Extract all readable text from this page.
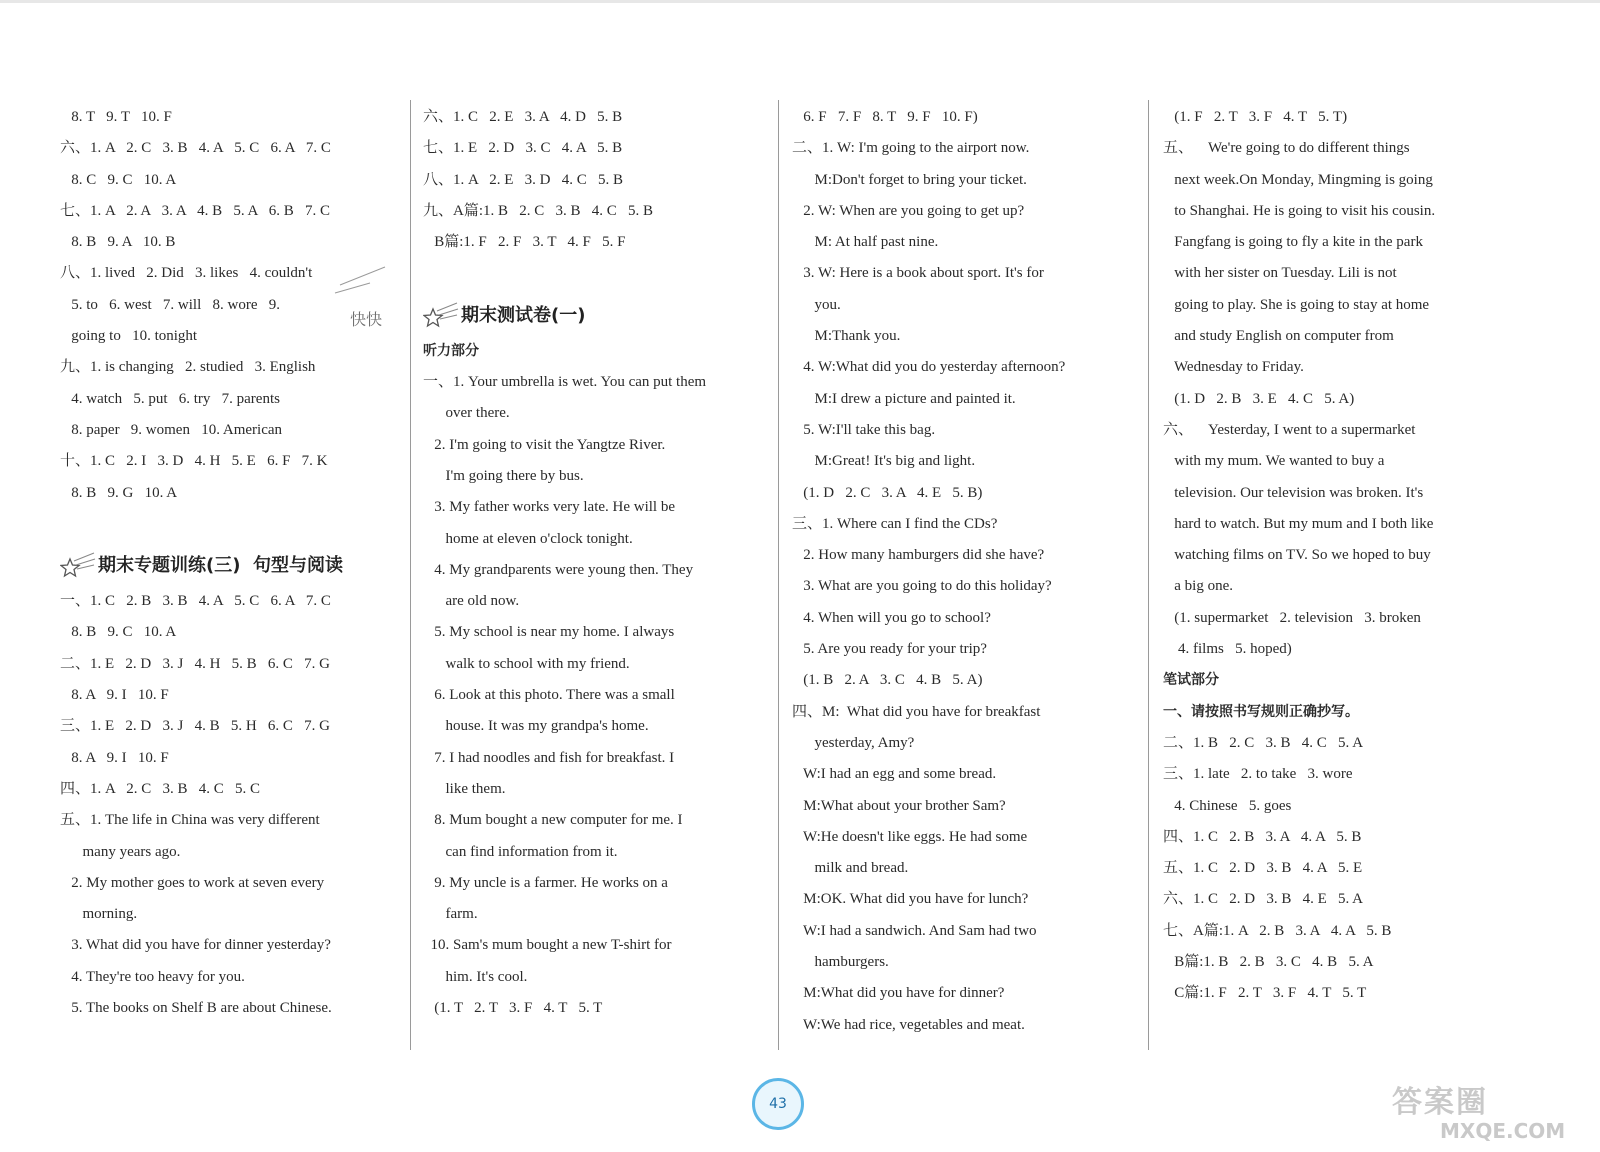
8. T   9. T   10. F
六、1. A   2. C   3. B   4. A   5. C   6. A   7. C
8. C   9. C   10. A
七、1. A   2. A   3. A   4. B   5. A   6. B   7. C
8. B   9. A   10. B
八、1. lived   2. Did   3. likes   4. couldn't
5. to   6. west   7. will   8. wore   9.
going to   10. tonight
九、1. is changing   2. studied   3. English
4. watch   5. put   6. try   7. parents
8. paper   9. women   10. American
十、1. C   2. I   3. D   4. H   5. E   6. F   7. K
8. B   9. G   10. A

期末专题训练(三)  句型与阅读
一、1. C   2. B   3. B   4. A   5. C   6. A   7. C
8. B   9. C   10. A
二、1. E   2. D   3. J   4. H   5. B   6. C   7. G
8. A   9. I   10. F
三、1. E   2. D   3. J   4. B   5. H   6. C   7. G
8. A   9. I   10. F
四、1. A   2. C   3. B   4. C   5. C
五、1. The life in China was very different
many years ago.
2. My mother goes to work at seven every
morning.
3. What did you have for dinner yesterday?
4. They're too heavy for you.
5. The books on Shelf B are about Chinese.
六、1. C   2. E   3. A   4. D   5. B
七、1. E   2. D   3. C   4. A   5. B
八、1. A   2. E   3. D   4. C   5. B
九、A篇:1. B   2. C   3. B   4. C   5. B
B篇:1. F   2. F   3. T   4. F   5. F

期末测试卷(一)
听力部分
一、1. Your umbrella is wet. You can put them
over there.
2. I'm going to visit the Yangtze River.
I'm going there by bus.
3. My father works very late. He will be
home at eleven o'clock tonight.
4. My grandparents were young then. They
are old now.
5. My school is near my home. I always
walk to school with my friend.
6. Look at this photo. There was a small
house. It was my grandpa's home.
7. I had noodles and fish for breakfast. I
like them.
8. Mum bought a new computer for me. I
can find information from it.
9. My uncle is a farmer. He works on a
farm.
10. Sam's mum bought a new T-shirt for
him. It's cool.
(1. T   2. T   3. F   4. T   5. T
6. F   7. F   8. T   9. F   10. F)
二、1. W: I'm going to the airport now.
M:Don't forget to bring your ticket.
2. W: When are you going to get up?
M: At half past nine.
3. W: Here is a book about sport. It's for
you.
M:Thank you.
4. W:What did you do yesterday afternoon?
M:I drew a picture and painted it.
5. W:I'll take this bag.
M:Great! It's big and light.
(1. D   2. C   3. A   4. E   5. B)
三、1. Where can I find the CDs?
2. How many hamburgers did she have?
3. What are you going to do this holiday?
4. When will you go to school?
5. Are you ready for your trip?
(1. B   2. A   3. C   4. B   5. A)
四、M:  What did you have for breakfast
yesterday, Amy?
W:I had an egg and some bread.
M:What about your brother Sam?
W:He doesn't like eggs. He had some
milk and bread.
M:OK. What did you have for lunch?
W:I had a sandwich. And Sam had two
hamburgers.
M:What did you have for dinner?
W:We had rice, vegetables and meat.
(1. F   2. T   3. F   4. T   5. T)
五、    We're going to do different things
next week.On Monday, Mingming is going
to Shanghai. He is going to visit his cousin.
Fangfang is going to fly a kite in the park
with her sister on Tuesday. Lili is not
going to play. She is going to stay at home
and study English on computer from
Wednesday to Friday.
(1. D   2. B   3. E   4. C   5. A)
六、    Yesterday, I went to a supermarket
with my mum. We wanted to buy a
television. Our television was broken. It's
hard to watch. But my mum and I both like
watching films on TV. So we hoped to buy
a big one.
(1. supermarket   2. television   3. broken
4. films   5. hoped)
笔试部分
一、请按照书写规则正确抄写。
二、1. B   2. C   3. B   4. C   5. A
三、1. late   2. to take   3. wore
4. Chinese   5. goes
四、1. C   2. B   3. A   4. A   5. B
五、1. C   2. D   3. B   4. A   5. E
六、1. C   2. D   3. B   4. E   5. A
七、A篇:1. A   2. B   3. A   4. A   5. B
B篇:1. B   2. B   3. C   4. B   5. A
C篇:1. F   2. T   3. F   4. T   5. T
快快
43	答案圈
MXQE.COM
